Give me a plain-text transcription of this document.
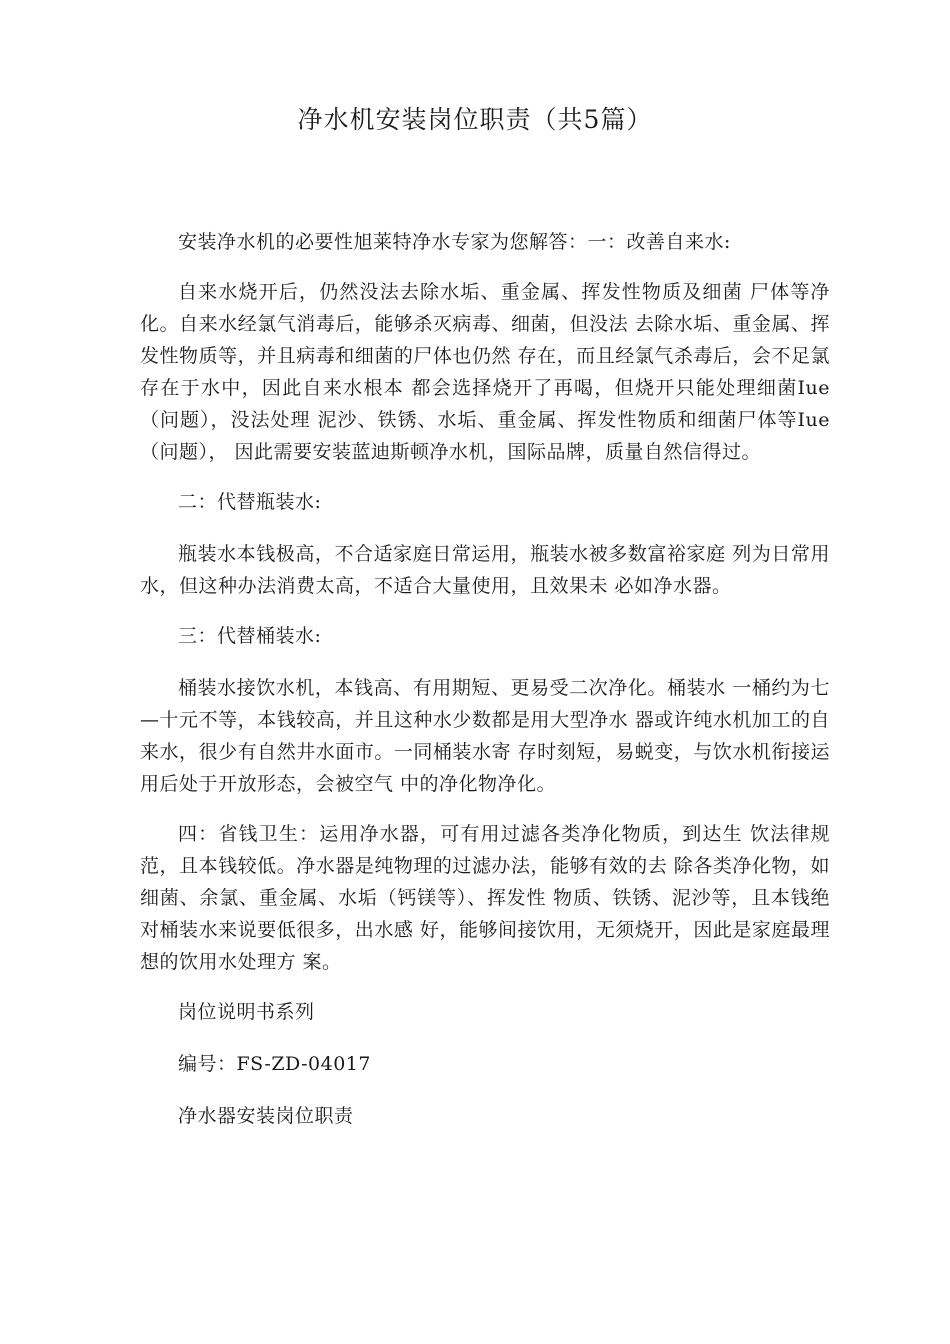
净水机安装岗位职责（共5篇）

安装净水机的必要性旭莱特净水专家为您解答：一：改善自来水:

自来水烧开后，仍然没法去除水垢、重金属、挥发性物质及细菌 尸体等净化。自来水经氯气消毒后，能够杀灭病毒、细菌，但没法 去除水垢、重金属、挥发性物质等，并且病毒和细菌的尸体也仍然 存在，而且经氯气杀毒后，会不足氯存在于水中，因此自来水根本 都会选择烧开了再喝，但烧开只能处理细菌Iue（问题），没法处理 泥沙、铁锈、水垢、重金属、挥发性物质和细菌尸体等Iue（问题）， 因此需要安装蓝迪斯顿净水机，国际品牌，质量自然信得过。

二：代替瓶装水:

瓶装水本钱极高，不合适家庭日常运用，瓶装水被多数富裕家庭 列为日常用水，但这种办法消费太高，不适合大量使用，且效果未 必如净水器。

三：代替桶装水:

桶装水接饮水机，本钱高、有用期短、更易受二次净化。桶装水 一桶约为七—十元不等，本钱较高，并且这种水少数都是用大型净水 器或许纯水机加工的自来水，很少有自然井水面市。一同桶装水寄 存时刻短，易蜕变，与饮水机衔接运用后处于开放形态，会被空气 中的净化物净化。

四：省钱卫生：运用净水器，可有用过滤各类净化物质，到达生 饮法律规范，且本钱较低。净水器是纯物理的过滤办法，能够有效的去 除各类净化物，如细菌、余氯、重金属、水垢（钙镁等）、挥发性 物质、铁锈、泥沙等，且本钱绝对桶装水来说要低很多，出水感 好，能够间接饮用，无须烧开，因此是家庭最理想的饮用水处理方 案。

岗位说明书系列

编号：FS-ZD-04017

净水器安装岗位职责
